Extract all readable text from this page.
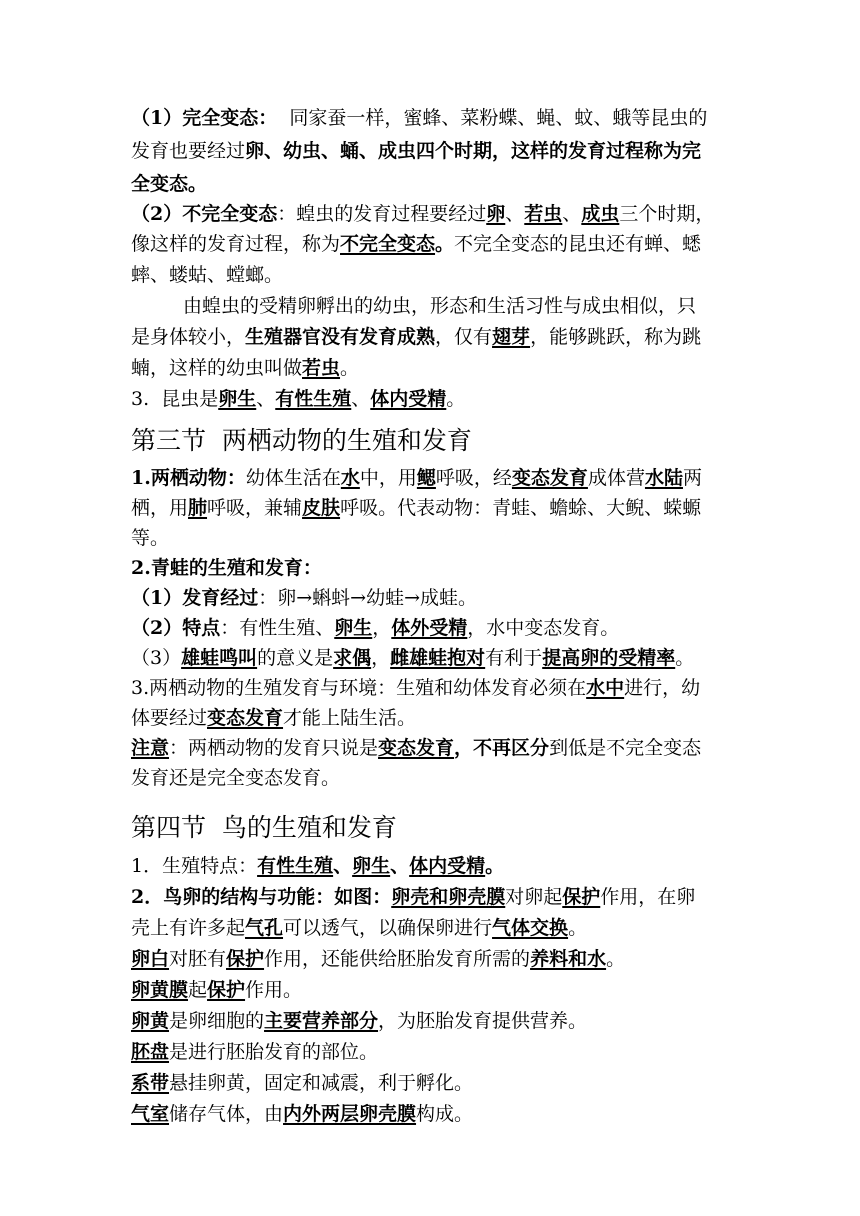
（1）完全变态：  同家蚕一样，蜜蜂、菜粉蝶、蝇、蚊、蛾等昆虫的
发育也要经过卵、幼虫、蛹、成虫四个时期，这样的发育过程称为完
全变态。
（2）不完全变态：蝗虫的发育过程要经过卵、若虫、成虫三个时期，
像这样的发育过程，称为不完全变态。不完全变态的昆虫还有蝉、蟋
蟀、蝼蛄、螳螂。
由蝗虫的受精卵孵出的幼虫，形态和生活习性与成虫相似，只
是身体较小，生殖器官没有发育成熟，仅有翅芽，能够跳跃，称为跳
蝻，这样的幼虫叫做若虫。
3.  昆虫是卵生、有性生殖、体内受精。
第三节  两栖动物的生殖和发育
1.两栖动物：幼体生活在水中，用鳃呼吸，经变态发育成体营水陆两
栖，用肺呼吸，兼辅皮肤呼吸。代表动物：青蛙、蟾蜍、大鲵、蝾螈
等。
2.青蛙的生殖和发育：
（1）发育经过：卵→蝌蚪→幼蛙→成蛙。
（2）特点：有性生殖、卵生，体外受精，水中变态发育。
（3）雄蛙鸣叫的意义是求偶，雌雄蛙抱对有利于提高卵的受精率。
3.两栖动物的生殖发育与环境：生殖和幼体发育必须在水中进行，幼
体要经过变态发育才能上陆生活。
注意：两栖动物的发育只说是变态发育，不再区分到低是不完全变态
发育还是完全变态发育。
第四节  鸟的生殖和发育
1．生殖特点：有性生殖、卵生、体内受精。
2．鸟卵的结构与功能：如图：卵壳和卵壳膜对卵起保护作用，在卵
壳上有许多起气孔可以透气，以确保卵进行气体交换。
卵白对胚有保护作用，还能供给胚胎发育所需的养料和水。
卵黄膜起保护作用。
卵黄是卵细胞的主要营养部分，为胚胎发育提供营养。
胚盘是进行胚胎发育的部位。
系带悬挂卵黄，固定和减震，利于孵化。
气室储存气体，由内外两层卵壳膜构成。
